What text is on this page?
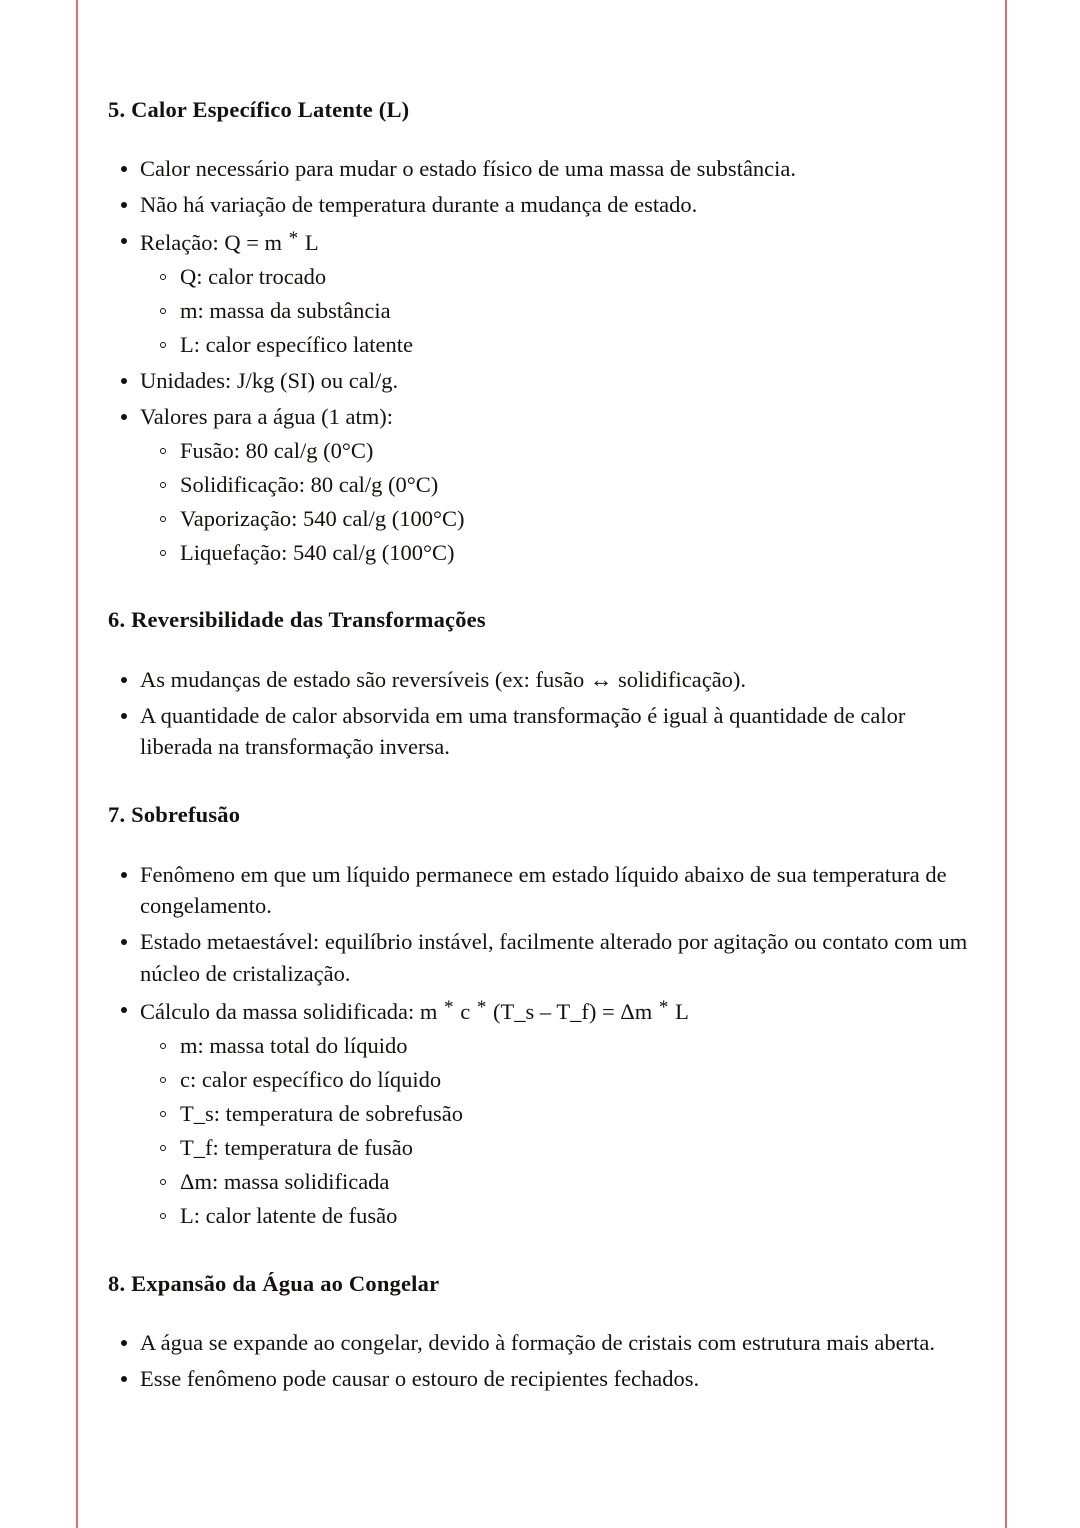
5. Calor Específico Latente (L)
Calor necessário para mudar o estado físico de uma massa de substância.
Não há variação de temperatura durante a mudança de estado.
Relação: Q = m * L
Q: calor trocado
m: massa da substância
L: calor específico latente
Unidades: J/kg (SI) ou cal/g.
Valores para a água (1 atm):
Fusão: 80 cal/g (0°C)
Solidificação: 80 cal/g (0°C)
Vaporização: 540 cal/g (100°C)
Liquefação: 540 cal/g (100°C)
6. Reversibilidade das Transformações
As mudanças de estado são reversíveis (ex: fusão ↔ solidificação).
A quantidade de calor absorvida em uma transformação é igual à quantidade de calor liberada na transformação inversa.
7. Sobrefusão
Fenômeno em que um líquido permanece em estado líquido abaixo de sua temperatura de congelamento.
Estado metaestável: equilíbrio instável, facilmente alterado por agitação ou contato com um núcleo de cristalização.
Cálculo da massa solidificada: m * c * (T_s – T_f) = Δm * L
m: massa total do líquido
c: calor específico do líquido
T_s: temperatura de sobrefusão
T_f: temperatura de fusão
Δm: massa solidificada
L: calor latente de fusão
8. Expansão da Água ao Congelar
A água se expande ao congelar, devido à formação de cristais com estrutura mais aberta.
Esse fenômeno pode causar o estouro de recipientes fechados.
